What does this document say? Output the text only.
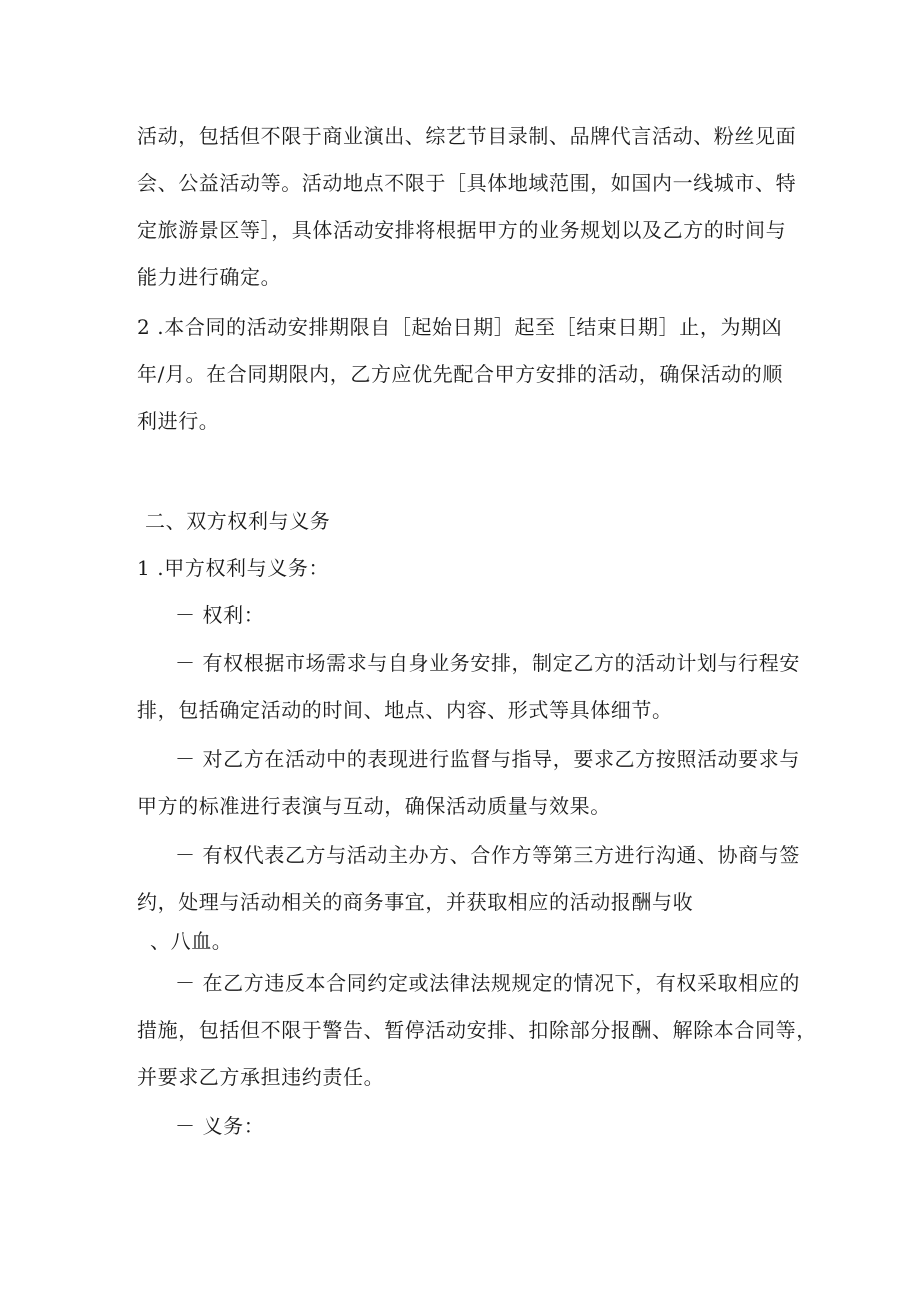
活动，包括但不限于商业演出、综艺节目录制、品牌代言活动、粉丝见面
会、公益活动等。活动地点不限于［具体地域范围，如国内一线城市、特
定旅游景区等］，具体活动安排将根据甲方的业务规划以及乙方的时间与
能力进行确定。
2 .本合同的活动安排期限自［起始日期］起至［结束日期］止，为期凶
年/月。在合同期限内，乙方应优先配合甲方安排的活动，确保活动的顺
利进行。
二、双方权利与义务
1 .甲方权利与义务：
－ 权利：
－ 有权根据市场需求与自身业务安排，制定乙方的活动计划与行程安
排，包括确定活动的时间、地点、内容、形式等具体细节。
－ 对乙方在活动中的表现进行监督与指导，要求乙方按照活动要求与
甲方的标准进行表演与互动，确保活动质量与效果。
－ 有权代表乙方与活动主办方、合作方等第三方进行沟通、协商与签
约，处理与活动相关的商务事宜，并获取相应的活动报酬与收
、八血。
－ 在乙方违反本合同约定或法律法规规定的情况下，有权采取相应的
措施，包括但不限于警告、暂停活动安排、扣除部分报酬、解除本合同等，
并要求乙方承担违约责任。
－ 义务：
